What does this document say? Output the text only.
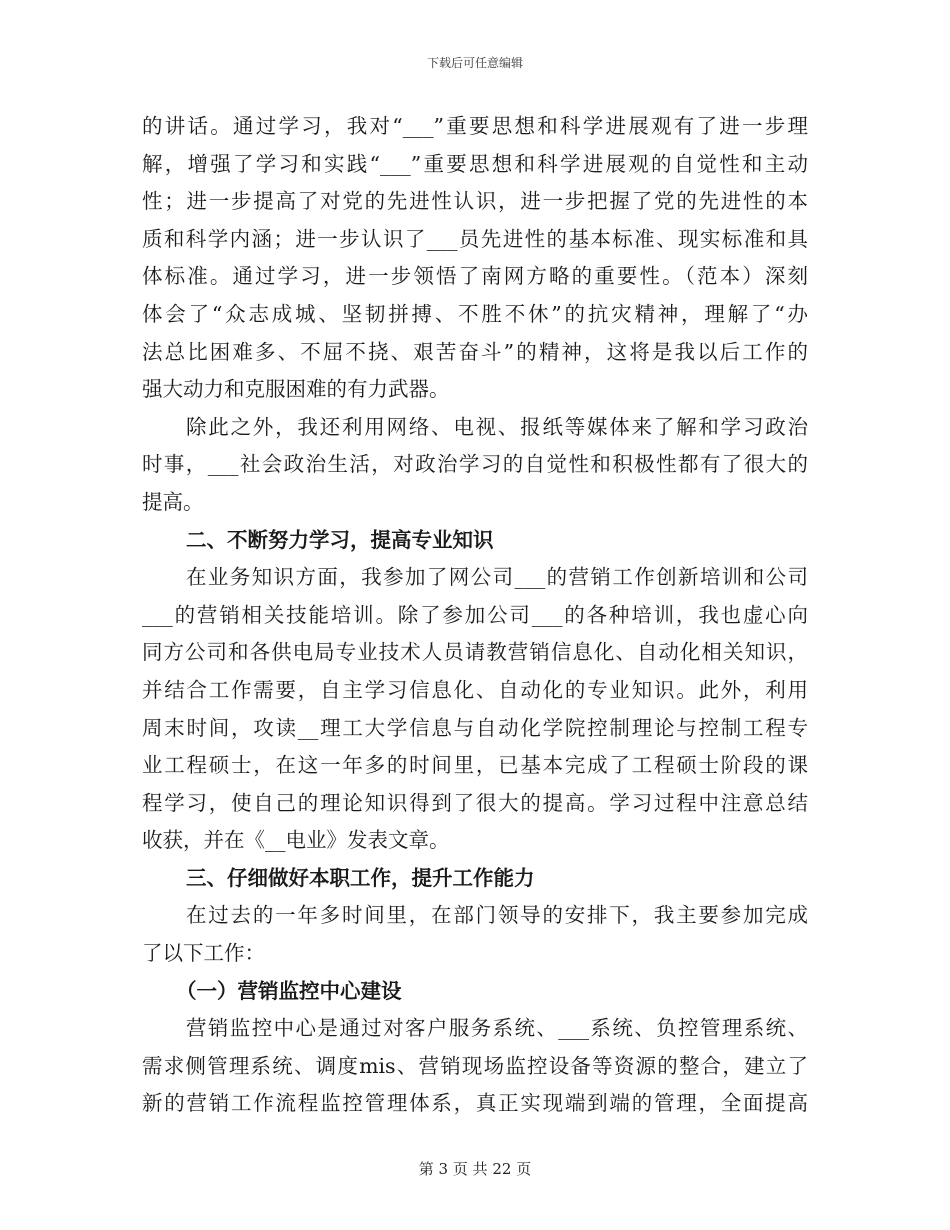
下载后可任意编辑
的讲话。通过学习，我对“___”重要思想和科学进展观有了进一步理
解，增强了学习和实践“___”重要思想和科学进展观的自觉性和主动
性；进一步提高了对党的先进性认识，进一步把握了党的先进性的本
质和科学内涵；进一步认识了___员先进性的基本标准、现实标准和具
体标准。通过学习，进一步领悟了南网方略的重要性。（范本）深刻
体会了“众志成城、坚韧拼搏、不胜不休”的抗灾精神，理解了“办
法总比困难多、不屈不挠、艰苦奋斗”的精神，这将是我以后工作的
强大动力和克服困难的有力武器。
除此之外，我还利用网络、电视、报纸等媒体来了解和学习政治
时事，___社会政治生活，对政治学习的自觉性和积极性都有了很大的
提高。
二、不断努力学习，提高专业知识
在业务知识方面，我参加了网公司___的营销工作创新培训和公司
___的营销相关技能培训。除了参加公司___的各种培训，我也虚心向
同方公司和各供电局专业技术人员请教营销信息化、自动化相关知识，
并结合工作需要，自主学习信息化、自动化的专业知识。此外，利用
周末时间，攻读__理工大学信息与自动化学院控制理论与控制工程专
业工程硕士，在这一年多的时间里，已基本完成了工程硕士阶段的课
程学习，使自己的理论知识得到了很大的提高。学习过程中注意总结
收获，并在《__电业》发表文章。
三、仔细做好本职工作，提升工作能力
在过去的一年多时间里，在部门领导的安排下，我主要参加完成
了以下工作：
（一）营销监控中心建设
营销监控中心是通过对客户服务系统、___系统、负控管理系统、
需求侧管理系统、调度mis、营销现场监控设备等资源的整合，建立了
新的营销工作流程监控管理体系，真正实现端到端的管理，全面提高
第 3 页 共 22 页
